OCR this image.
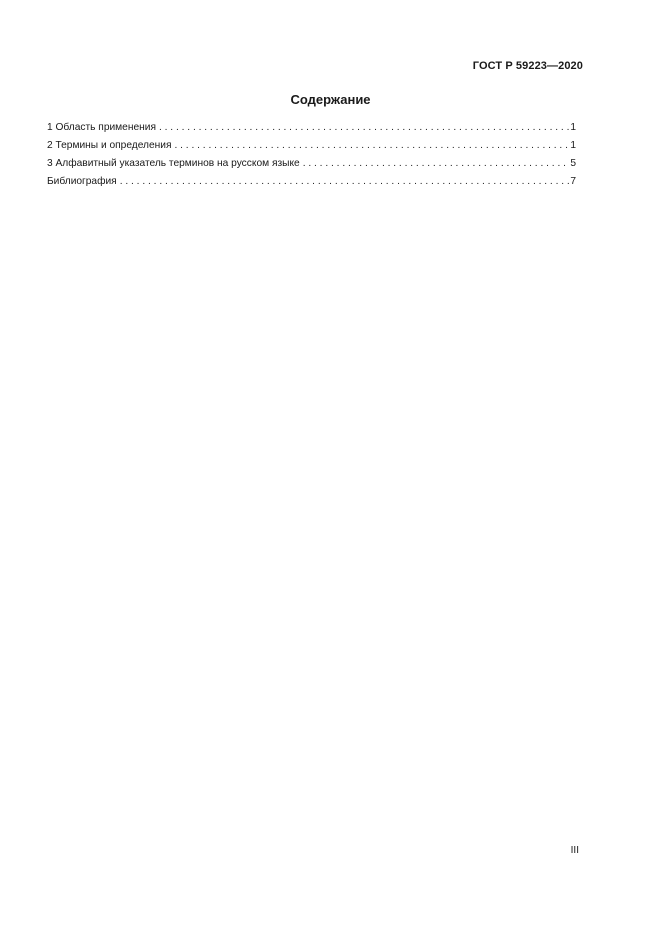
ГОСТ Р 59223—2020
Содержание
1 Область применения . . .	1
2 Термины и определения . . .	1
3 Алфавитный указатель терминов на русском языке . . .	5
Библиография . . .	7
III
